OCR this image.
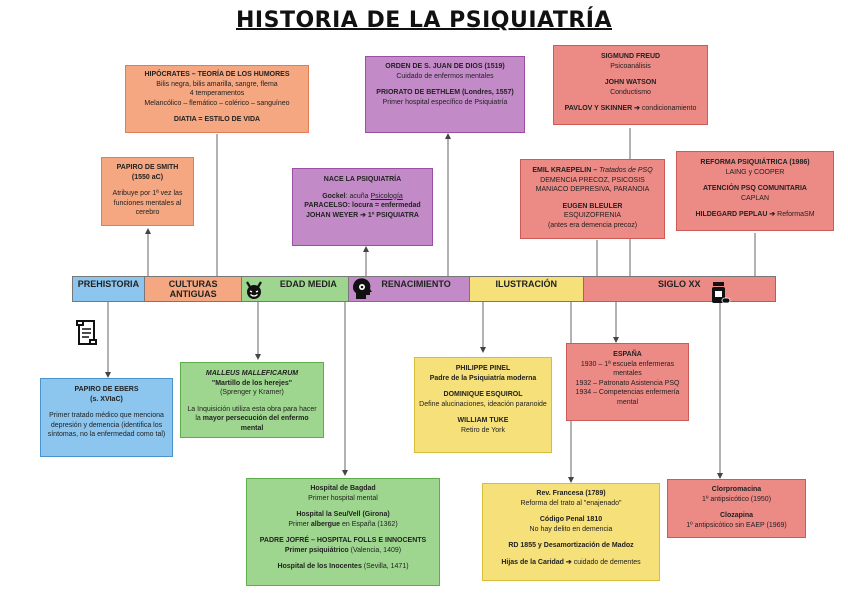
HISTORIA DE LA PSIQUIATRÍA
PREHISTORIA	CULTURAS ANTIGUAS
EDAD MEDIA	RENACIMIENTO	ILUSTRACIÓN	SIGLO XX

HIPÓCRATES – TEORÍA DE LOS HUMORES

Bilis negra, bilis amarilla, sangre, flema

4 temperamentos

Melancólico – flemático – colérico – sanguíneo

DIATIA = ESTILO DE VIDA

PAPIRO DE SMITH

(1550 aC)

Atribuye por 1ª vez las funciones mentales al cerebro

ORDEN DE S. JUAN DE DIOS (1519)

Cuidado de enfermos mentales

PRIORATO DE BETHLEM (Londres, 1557)

Primer hospital específico de Psiquiatría

NACE LA PSIQUIATRÍA

Gockel: acuña Psicología

PARACELSO: locura = enfermedad

JOHAN WEYER ➔ 1º PSIQUIATRA

SIGMUND FREUD

Psicoanálisis

JOHN WATSON

Conductismo

PAVLOV Y SKINNER ➔ condicionamiento

EMIL KRAEPELIN – Tratados de PSQ

DEMENCIA PRECOZ, PSICOSIS

MANIACO DEPRESIVA, PARANOIA

EUGEN BLEULER

ESQUIZOFRENIA

(antes era demencia precoz)

REFORMA PSIQUIÁTRICA (1986)

LAING y COOPER

ATENCIÓN PSQ COMUNITARIA

CAPLAN

HILDEGARD PEPLAU ➔ ReformaSM

PAPIRO DE EBERS

(s. XVIaC)

Primer tratado médico que menciona depresión y demencia (identifica los síntomas, no la enfermedad como tal)

MALLEUS MALLEFICARUM

"Martillo de los herejes"

(Sprenger y Kramer)

La Inquisición utiliza esta obra para hacer la mayor persecución del enfermo mental

PHILIPPE PINEL

Padre de la Psiquiatría moderna

DOMINIQUE ESQUIROL

Define alucinaciones, ideación paranoide

WILLIAM TUKE

Retiro de York

ESPAÑA

1930 – 1ª escuela enfermeras mentales

1932 – Patronato Asistencia PSQ

1934 – Competencias enfermería mental

Hospital de Bagdad

Primer hospital mental

Hospital la Seu/Vell (Girona)

Primer albergue en España (1362)

PADRE JOFRÉ – HOSPITAL FOLLS E INNOCENTS

Primer psiquiátrico (Valencia, 1409)

Hospital de los Inocentes (Sevilla, 1471)

Rev. Francesa (1789)

Reforma del trato al "enajenado"

Código Penal 1810

No hay delito en demencia

RD 1855 y Desamortización de Madoz

Hijas de la Caridad ➔ cuidado de dementes

Clorpromacina

1º antipsicótico (1950)

Clozapina

1º antipsicótico sin EAEP (1969)
